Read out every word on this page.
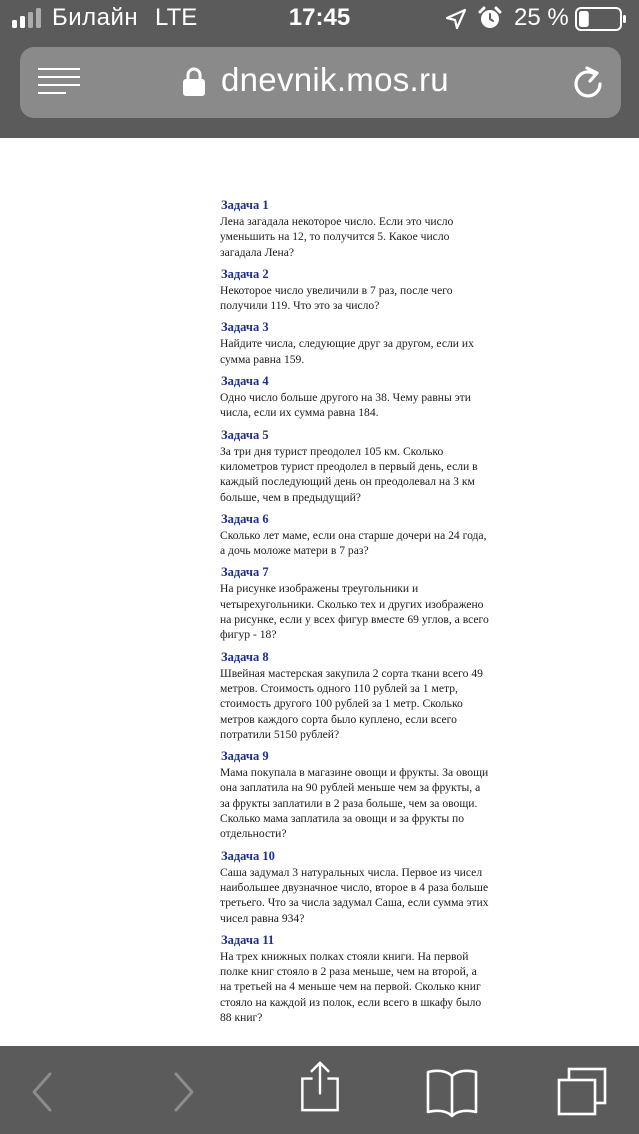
Билайн LTE	17:45	25 %
dnevnik.mos.ru
Задача 1
Лена загадала некоторое число. Если это число
уменьшить на 12, то получится 5. Какое число
загадала Лена?
Задача 2
Некоторое число увеличили в 7 раз, после чего
получили 119. Что это за число?
Задача 3
Найдите числа, следующие друг за другом, если их
сумма равна 159.
Задача 4
Одно число больше другого на 38. Чему равны эти
числа, если их сумма равна 184.
Задача 5
За три дня турист преодолел 105 км. Сколько
километров турист преодолел в первый день, если в
каждый последующий день он преодолевал на 3 км
больше, чем в предыдущий?
Задача 6
Сколько лет маме, если она старше дочери на 24 года,
а дочь моложе матери в 7 раз?
Задача 7
На рисунке изображены треугольники и
четырехугольники. Сколько тех и других изображено
на рисунке, если у всех фигур вместе 69 углов, а всего
фигур - 18?
Задача 8
Швейная мастерская закупила 2 сорта ткани всего 49
метров. Стоимость одного 110 рублей за 1 метр,
стоимость другого 100 рублей за 1 метр. Сколько
метров каждого сорта было куплено, если всего
потратили 5150 рублей?
Задача 9
Мама покупала в магазине овощи и фрукты. За овощи
она заплатила на 90 рублей меньше чем за фрукты, а
за фрукты заплатили в 2 раза больше, чем за овощи.
Сколько мама заплатила за овощи и за фрукты по
отдельности?
Задача 10
Саша задумал 3 натуральных числа. Первое из чисел
наибольшее двузначное число, второе в 4 раза больше
третьего. Что за числа задумал Саша, если сумма этих
чисел равна 934?
Задача 11
На трех книжных полках стояли книги. На первой
полке книг стояло в 2 раза меньше, чем на второй, а
на третьей на 4 меньше чем на первой. Сколько книг
стояло на каждой из полок, если всего в шкафу было
88 книг?
